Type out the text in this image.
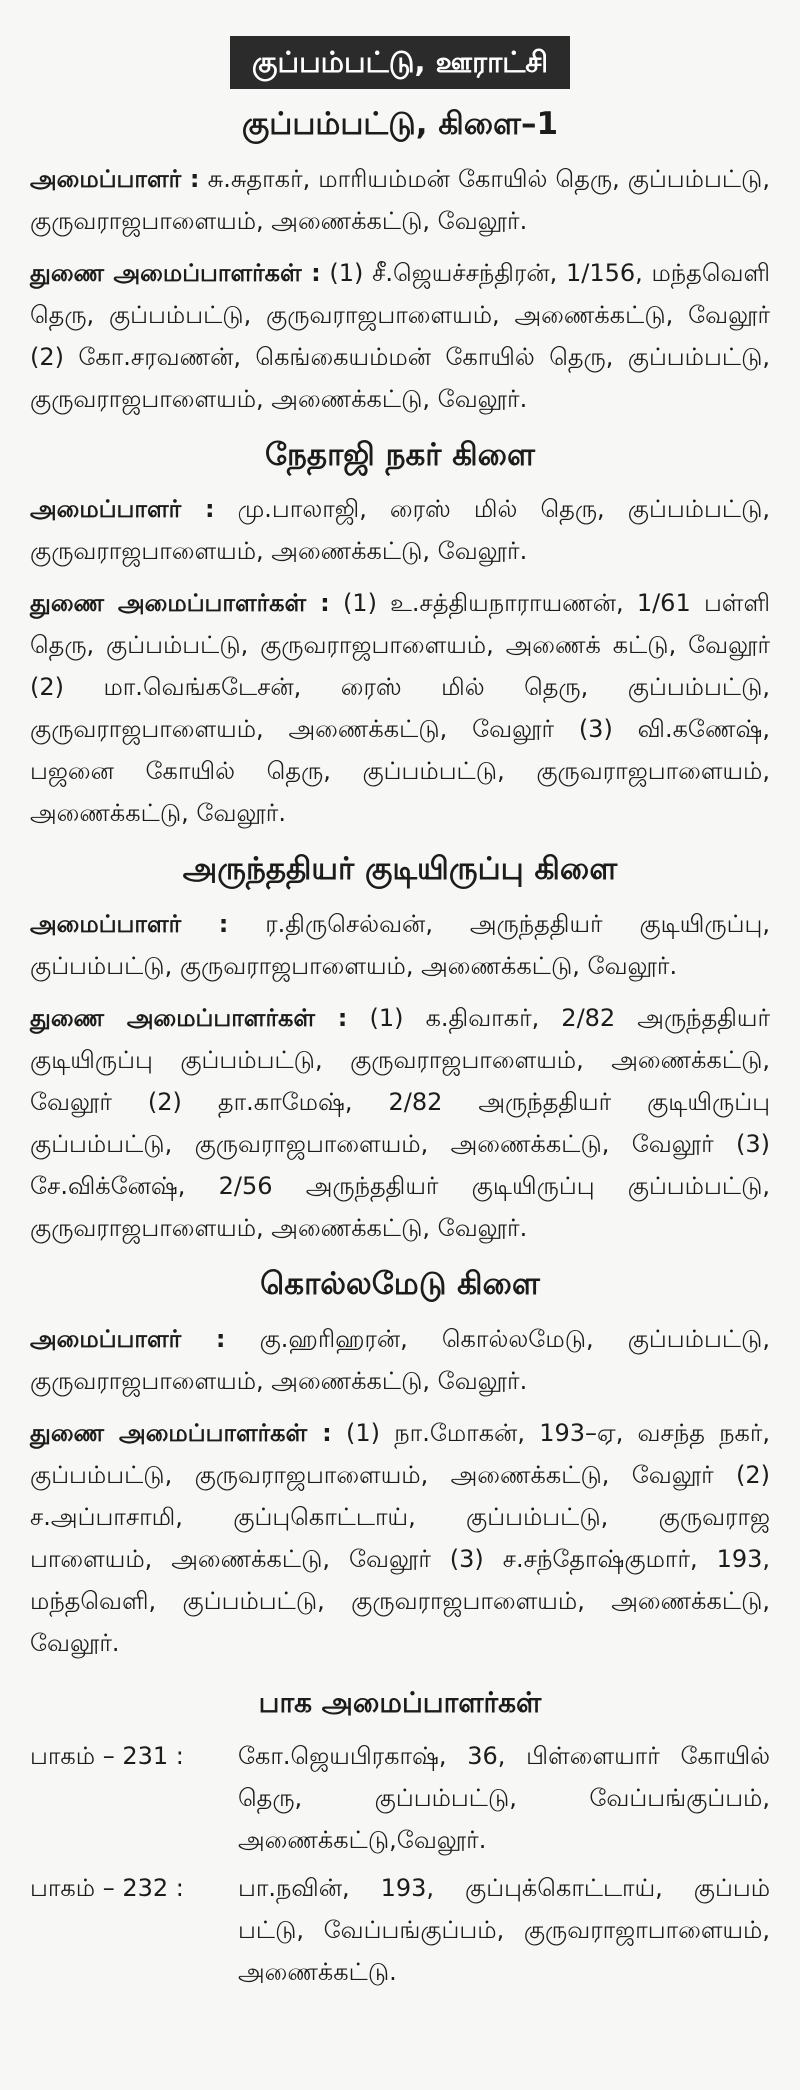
குப்பம்பட்டு, ஊராட்சி
குப்பம்பட்டு, கிளை–1

அமைப்பாளர் : சு.சுதாகர், மாரியம்மன் கோயில் தெரு, குப்பம்பட்டு, குருவராஜபாளையம், அணைக்கட்டு, வேலூர்.

துணை அமைப்பாளர்கள் : (1) சீ.ஜெயச்சந்திரன், 1/156, மந்தவெளி தெரு, குப்பம்பட்டு, குருவராஜபாளையம், அணைக்கட்டு, வேலூர் (2) கோ.சரவணன், கெங்கையம்மன் கோயில் தெரு, குப்பம்பட்டு, குருவராஜபாளையம், அணைக்கட்டு, வேலூர்.

நேதாஜி நகர் கிளை

அமைப்பாளர் : மு.பாலாஜி, ரைஸ் மில் தெரு, குப்பம்பட்டு, குருவராஜபாளையம், அணைக்கட்டு, வேலூர்.

துணை அமைப்பாளர்கள் : (1) உ.சத்தியநாராயணன், 1/61 பள்ளி தெரு, குப்பம்பட்டு, குருவராஜபாளையம், அணைக் கட்டு, வேலூர் (2) மா.வெங்கடேசன், ரைஸ் மில் தெரு, குப்பம்பட்டு, குருவராஜபாளையம், அணைக்கட்டு, வேலூர் (3) வி.கணேஷ், பஜனை கோயில் தெரு, குப்பம்பட்டு, குருவராஜபாளையம், அணைக்கட்டு, வேலூர்.

அருந்ததியர் குடியிருப்பு கிளை

அமைப்பாளர் : ர.திருசெல்வன், அருந்ததியர் குடியிருப்பு, குப்பம்பட்டு, குருவராஜபாளையம், அணைக்கட்டு, வேலூர்.

துணை அமைப்பாளர்கள் : (1) க.திவாகர், 2/82 அருந்ததியர் குடியிருப்பு குப்பம்பட்டு, குருவராஜபாளையம், அணைக்கட்டு, வேலூர் (2) தா.காமேஷ், 2/82 அருந்ததியர் குடியிருப்பு குப்பம்பட்டு, குருவராஜபாளையம், அணைக்கட்டு, வேலூர் (3) சே.விக்னேஷ், 2/56 அருந்ததியர் குடியிருப்பு குப்பம்பட்டு, குருவராஜபாளையம், அணைக்கட்டு, வேலூர்.

கொல்லமேடு கிளை

அமைப்பாளர் : கு.ஹரிஹரன், கொல்லமேடு, குப்பம்பட்டு, குருவராஜபாளையம், அணைக்கட்டு, வேலூர்.

துணை அமைப்பாளர்கள் : (1) நா.மோகன், 193–ஏ, வசந்த நகர், குப்பம்பட்டு, குருவராஜபாளையம், அணைக்கட்டு, வேலூர் (2) ச.அப்பாசாமி, குப்புகொட்டாய், குப்பம்பட்டு, குருவராஜ பாளையம், அணைக்கட்டு, வேலூர் (3) ச.சந்தோஷ்குமார், 193, மந்தவெளி, குப்பம்பட்டு, குருவராஜபாளையம், அணைக்கட்டு, வேலூர்.

பாக அமைப்பாளர்கள்
பாகம் – 231 :	கோ.ஜெயபிரகாஷ், 36, பிள்ளையார் கோயில் தெரு, குப்பம்பட்டு, வேப்பங்குப்பம், அணைக்கட்டு,வேலூர்.
பாகம் – 232 :	பா.நவின், 193, குப்புக்கொட்டாய், குப்பம் பட்டு, வேப்பங்குப்பம், குருவராஜாபாளையம், அணைக்கட்டு.
